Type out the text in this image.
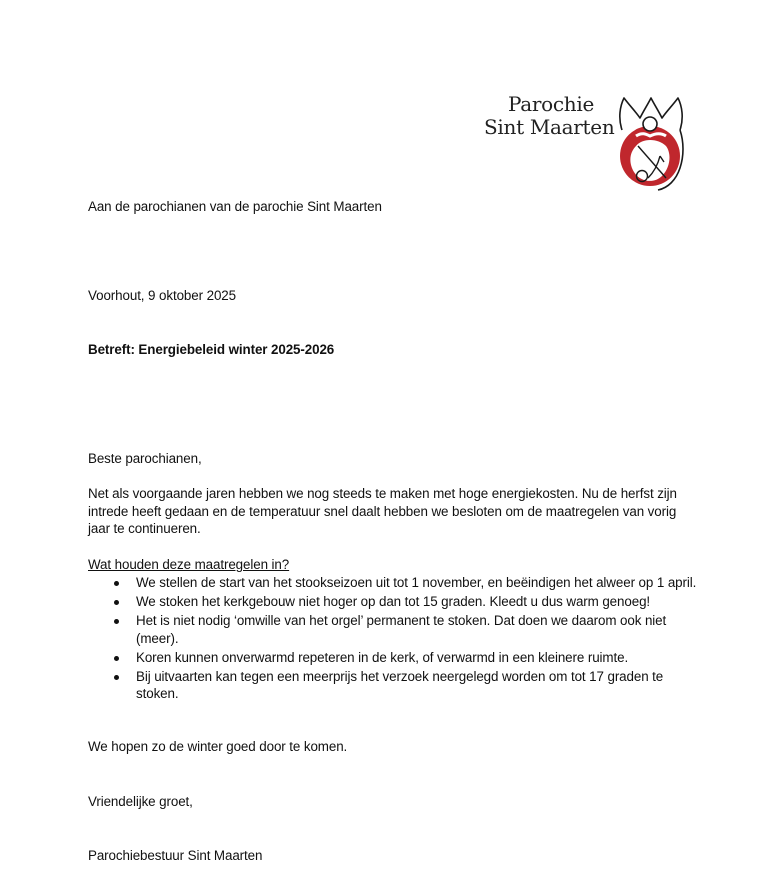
Parochie
Sint Maarten
Aan de parochianen van de parochie Sint Maarten
Voorhout, 9 oktober 2025
Betreft: Energiebeleid winter 2025-2026
Beste parochianen,
Net als voorgaande jaren hebben we nog steeds te maken met hoge energiekosten. Nu de herfst zijn intrede heeft gedaan en de temperatuur snel daalt hebben we besloten om de maatregelen van vorig jaar te continueren.
Wat houden deze maatregelen in?
We stellen de start van het stookseizoen uit tot 1 november, en beëindigen het alweer op 1 april.
We stoken het kerkgebouw niet hoger op dan tot 15 graden. Kleedt u dus warm genoeg!
Het is niet nodig ‘omwille van het orgel’ permanent te stoken. Dat doen we daarom ook niet (meer).
Koren kunnen onverwarmd repeteren in de kerk, of verwarmd in een kleinere ruimte.
Bij uitvaarten kan tegen een meerprijs het verzoek neergelegd worden om tot 17 graden te stoken.
We hopen zo de winter goed door te komen.
Vriendelijke groet,
Parochiebestuur Sint Maarten
